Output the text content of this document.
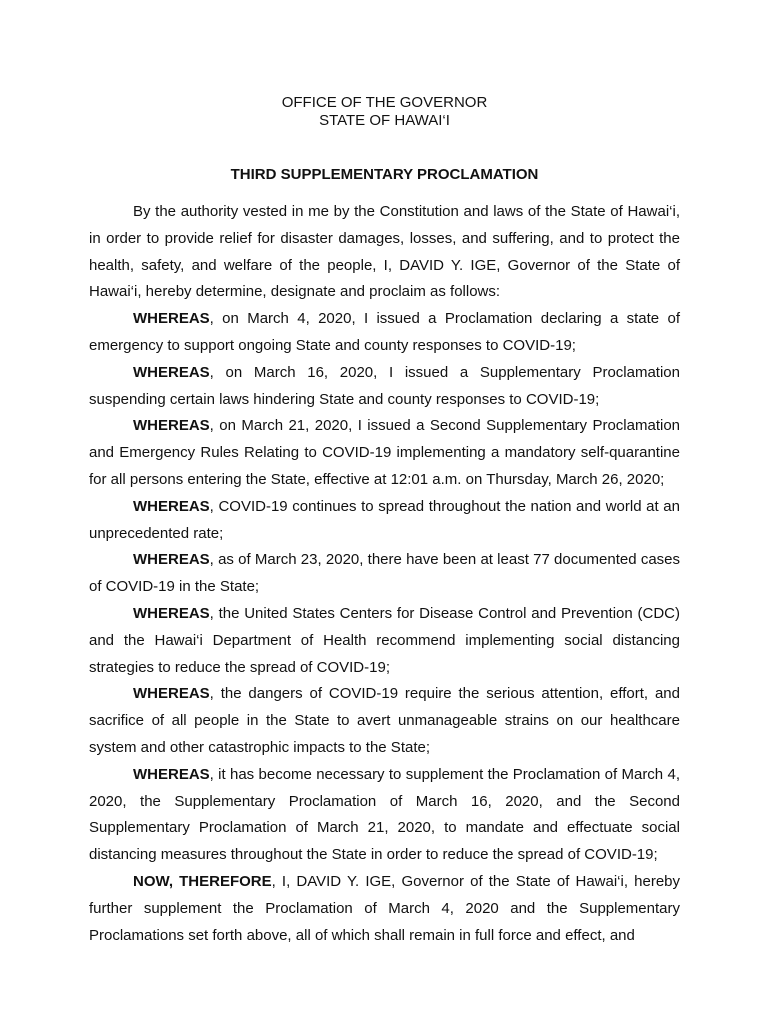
OFFICE OF THE GOVERNOR
STATE OF HAWAI‘I
THIRD SUPPLEMENTARY PROCLAMATION

By the authority vested in me by the Constitution and laws of the State of Hawai‘i, in order to provide relief for disaster damages, losses, and suffering, and to protect the health, safety, and welfare of the people, I, DAVID Y. IGE, Governor of the State of Hawai‘i, hereby determine, designate and proclaim as follows:

WHEREAS, on March 4, 2020, I issued a Proclamation declaring a state of emergency to support ongoing State and county responses to COVID-19;

WHEREAS, on March 16, 2020, I issued a Supplementary Proclamation suspending certain laws hindering State and county responses to COVID-19;

WHEREAS, on March 21, 2020, I issued a Second Supplementary Proclamation and Emergency Rules Relating to COVID-19 implementing a mandatory self-quarantine for all persons entering the State, effective at 12:01 a.m. on Thursday, March 26, 2020;

WHEREAS, COVID-19 continues to spread throughout the nation and world at an unprecedented rate;

WHEREAS, as of March 23, 2020, there have been at least 77 documented cases of COVID-19 in the State;

WHEREAS, the United States Centers for Disease Control and Prevention (CDC) and the Hawai‘i Department of Health recommend implementing social distancing strategies to reduce the spread of COVID-19;

WHEREAS, the dangers of COVID-19 require the serious attention, effort, and sacrifice of all people in the State to avert unmanageable strains on our healthcare system and other catastrophic impacts to the State;

WHEREAS, it has become necessary to supplement the Proclamation of March 4, 2020, the Supplementary Proclamation of March 16, 2020, and the Second Supplementary Proclamation of March 21, 2020, to mandate and effectuate social distancing measures throughout the State in order to reduce the spread of COVID-19;

NOW, THEREFORE, I, DAVID Y. IGE, Governor of the State of Hawai‘i, hereby further supplement the Proclamation of March 4, 2020 and the Supplementary Proclamations set forth above, all of which shall remain in full force and effect, and
